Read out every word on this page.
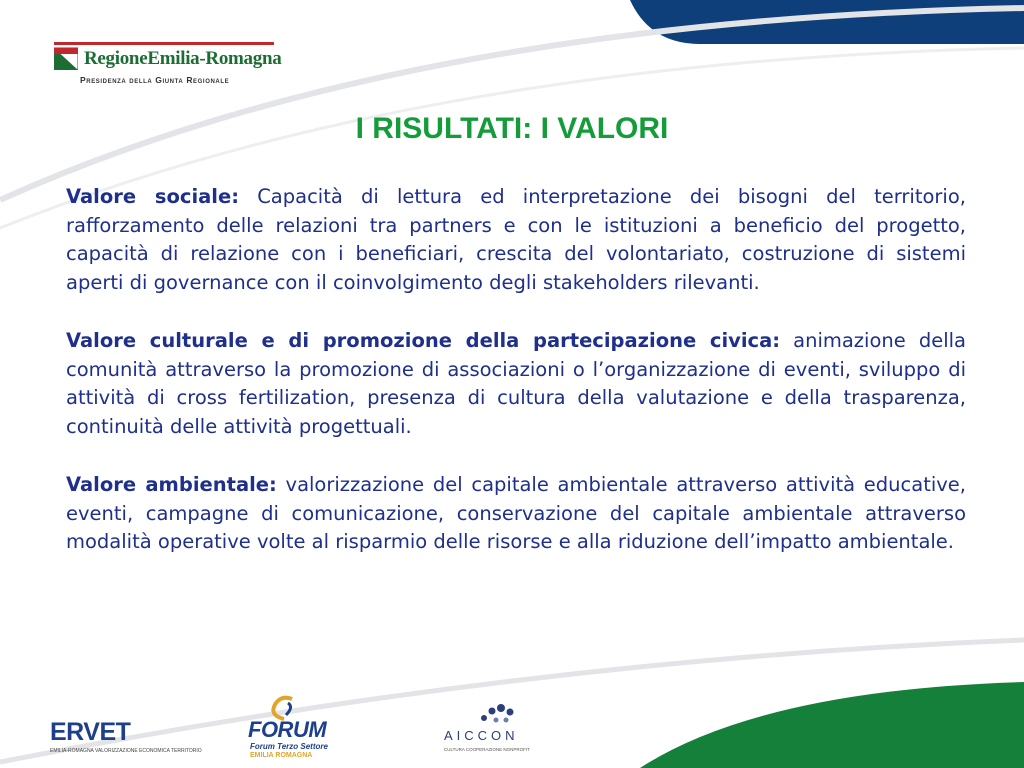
RegioneEmilia-Romagna
Presidenza della Giunta Regionale
I RISULTATI: I VALORI

Valore sociale: Capacità di lettura ed interpretazione dei bisogni del territorio, rafforzamento delle relazioni tra partners e con le istituzioni a beneficio del progetto, capacità di relazione con i beneficiari, crescita del volontariato, costruzione di sistemi aperti di governance con il coinvolgimento degli stakeholders rilevanti.

Valore culturale e di promozione della partecipazione civica: animazione della comunità attraverso la promozione di associazioni o l’organizzazione di eventi, sviluppo di attività di cross fertilization, presenza di cultura della valutazione e della trasparenza, continuità delle attività progettuali.

Valore ambientale: valorizzazione del capitale ambientale attraverso attività educative, eventi, campagne di comunicazione, conservazione del capitale ambientale attraverso modalità operative volte al risparmio delle risorse e alla riduzione dell’impatto ambientale.

ERVET
EMILIA-ROMAGNA VALORIZZAZIONE ECONOMICA TERRITORIO
FORUM
Forum Terzo Settore
EMILIA ROMAGNA
AICCON
CULTURA COOPERAZIONE NONPROFIT
